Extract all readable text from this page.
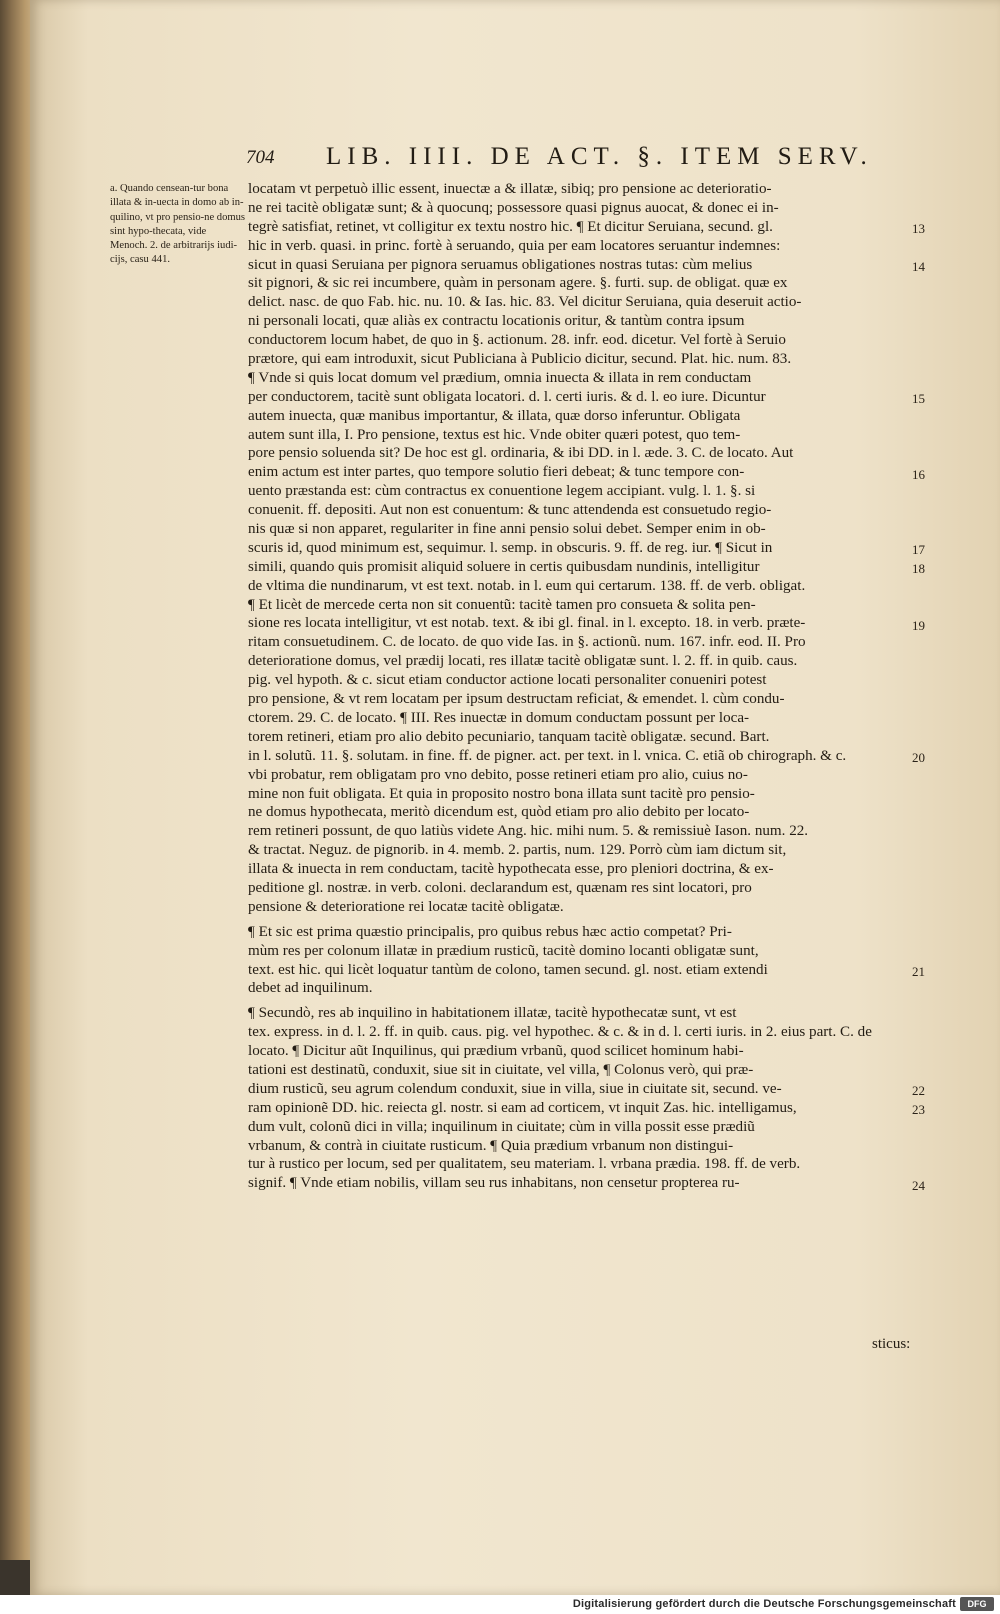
704 LIB. IIII. DE ACT. §. ITEM SERV.
a. Quando censean-tur bona illata & in-uecta in domo ab in-quilino, vt pro pensio-ne domus sint hypo-thecata, vide Menoch. 2. de arbitrarijs iudi-cijs, casu 441.
locatam vt perpetuò illic essent, inuectæ a & illatæ, sibiq; pro pensione ac deterioratio-
ne rei tacitè obligatæ sunt; & à quocunq; possessore quasi pignus auocat, & donec ei in-
tegrè satisfiat, retinet, vt colligitur ex textu nostro hic. ¶ Et dicitur Seruiana, secund. gl.
hic in verb. quasi. in princ. fortè à seruando, quia per eam locatores seruantur indemnes:
sicut in quasi Seruiana per pignora seruamus obligationes nostras tutas: cùm melius
sit pignori, & sic rei incumbere, quàm in personam agere. §. furti. sup. de obligat. quæ ex
delict. nasc. de quo Fab. hic. nu. 10. & Ias. hic. 83. Vel dicitur Seruiana, quia deseruit actio-
ni personali locati, quæ aliàs ex contractu locationis oritur, & tantùm contra ipsum
conductorem locum habet, de quo in §. actionum. 28. infr. eod. dicetur. Vel fortè à Seruio
prætore, qui eam introduxit, sicut Publiciana à Publicio dicitur, secund. Plat. hic. num. 83.
¶ Vnde si quis locat domum vel prædium, omnia inuecta & illata in rem conductam
per conductorem, tacitè sunt obligata locatori. d. l. certi iuris. & d. l. eo iure. Dicuntur
autem inuecta, quæ manibus importantur, & illata, quæ dorso inferuntur. Obligata
autem sunt illa, I. Pro pensione, textus est hic. Vnde obiter quæri potest, quo tem-
pore pensio soluenda sit? De hoc est gl. ordinaria, & ibi DD. in l. æde. 3. C. de locato. Aut
enim actum est inter partes, quo tempore solutio fieri debeat; & tunc tempore con-
uento præstanda est: cùm contractus ex conuentione legem accipiant. vulg. l. 1. §. si
conuenit. ff. depositi. Aut non est conuentum: & tunc attendenda est consuetudo regio-
nis quæ si non apparet, regulariter in fine anni pensio solui debet. Semper enim in ob-
scuris id, quod minimum est, sequimur. l. semp. in obscuris. 9. ff. de reg. iur. ¶ Sicut in
simili, quando quis promisit aliquid soluere in certis quibusdam nundinis, intelligitur
de vltima die nundinarum, vt est text. notab. in l. eum qui certarum. 138. ff. de verb. obligat.
¶ Et licèt de mercede certa non sit conuentũ: tacitè tamen pro consueta & solita pen-
sione res locata intelligitur, vt est notab. text. & ibi gl. final. in l. excepto. 18. in verb. præte-
ritam consuetudinem. C. de locato. de quo vide Ias. in §. actionũ. num. 167. infr. eod. II. Pro
deterioratione domus, vel prædij locati, res illatæ tacitè obligatæ sunt. l. 2. ff. in quib. caus.
pig. vel hypoth. & c. sicut etiam conductor actione locati personaliter conueniri potest
pro pensione, & vt rem locatam per ipsum destructam reficiat, & emendet. l. cùm condu-
ctorem. 29. C. de locato. ¶ III. Res inuectæ in domum conductam possunt per loca-
torem retineri, etiam pro alio debito pecuniario, tanquam tacitè obligatæ. secund. Bart.
in l. solutũ. 11. §. solutam. in fine. ff. de pigner. act. per text. in l. vnica. C. etiã ob chirograph. & c.
vbi probatur, rem obligatam pro vno debito, posse retineri etiam pro alio, cuius no-
mine non fuit obligata. Et quia in proposito nostro bona illata sunt tacitè pro pensio-
ne domus hypothecata, meritò dicendum est, quòd etiam pro alio debito per locato-
rem retineri possunt, de quo latiùs videte Ang. hic. mihi num. 5. & remissiuè Iason. num. 22.
& tractat. Neguz. de pignorib. in 4. memb. 2. partis, num. 129. Porrò cùm iam dictum sit,
illata & inuecta in rem conductam, tacitè hypothecata esse, pro pleniori doctrina, & ex-
peditione gl. nostræ. in verb. coloni. declarandum est, quænam res sint locatori, pro
pensione & deterioratione rei locatæ tacitè obligatæ.
¶ Et sic est prima quæstio principalis, pro quibus rebus hæc actio competat? Pri-
mùm res per colonum illatæ in prædium rusticũ, tacitè domino locanti obligatæ sunt,
text. est hic. qui licèt loquatur tantùm de colono, tamen secund. gl. nost. etiam extendi
debet ad inquilinum.
¶ Secundò, res ab inquilino in habitationem illatæ, tacitè hypothecatæ sunt, vt est
tex. express. in d. l. 2. ff. in quib. caus. pig. vel hypothec. & c. & in d. l. certi iuris. in 2. eius part. C. de
locato. ¶ Dicitur aũt Inquilinus, qui prædium vrbanũ, quod scilicet hominum habi-
tationi est destinatũ, conduxit, siue sit in ciuitate, vel villa, ¶ Colonus verò, qui præ-
dium rusticũ, seu agrum colendum conduxit, siue in villa, siue in ciuitate sit, secund. ve-
ram opinionẽ DD. hic. reiecta gl. nostr. si eam ad corticem, vt inquit Zas. hic. intelligamus,
dum vult, colonũ dici in villa; inquilinum in ciuitate; cùm in villa possit esse prædiũ
vrbanum, & contrà in ciuitate rusticum. ¶ Quia prædium vrbanum non distingui-
tur à rustico per locum, sed per qualitatem, seu materiam. l. vrbana prædia. 198. ff. de verb.
signif. ¶ Vnde etiam nobilis, villam seu rus inhabitans, non censetur propterea ru-
13
14
15
16
17
18
19
20
21
22
23
24
sticus:
Digitalisierung gefördert durch die Deutsche Forschungsgemeinschaft	DFG
